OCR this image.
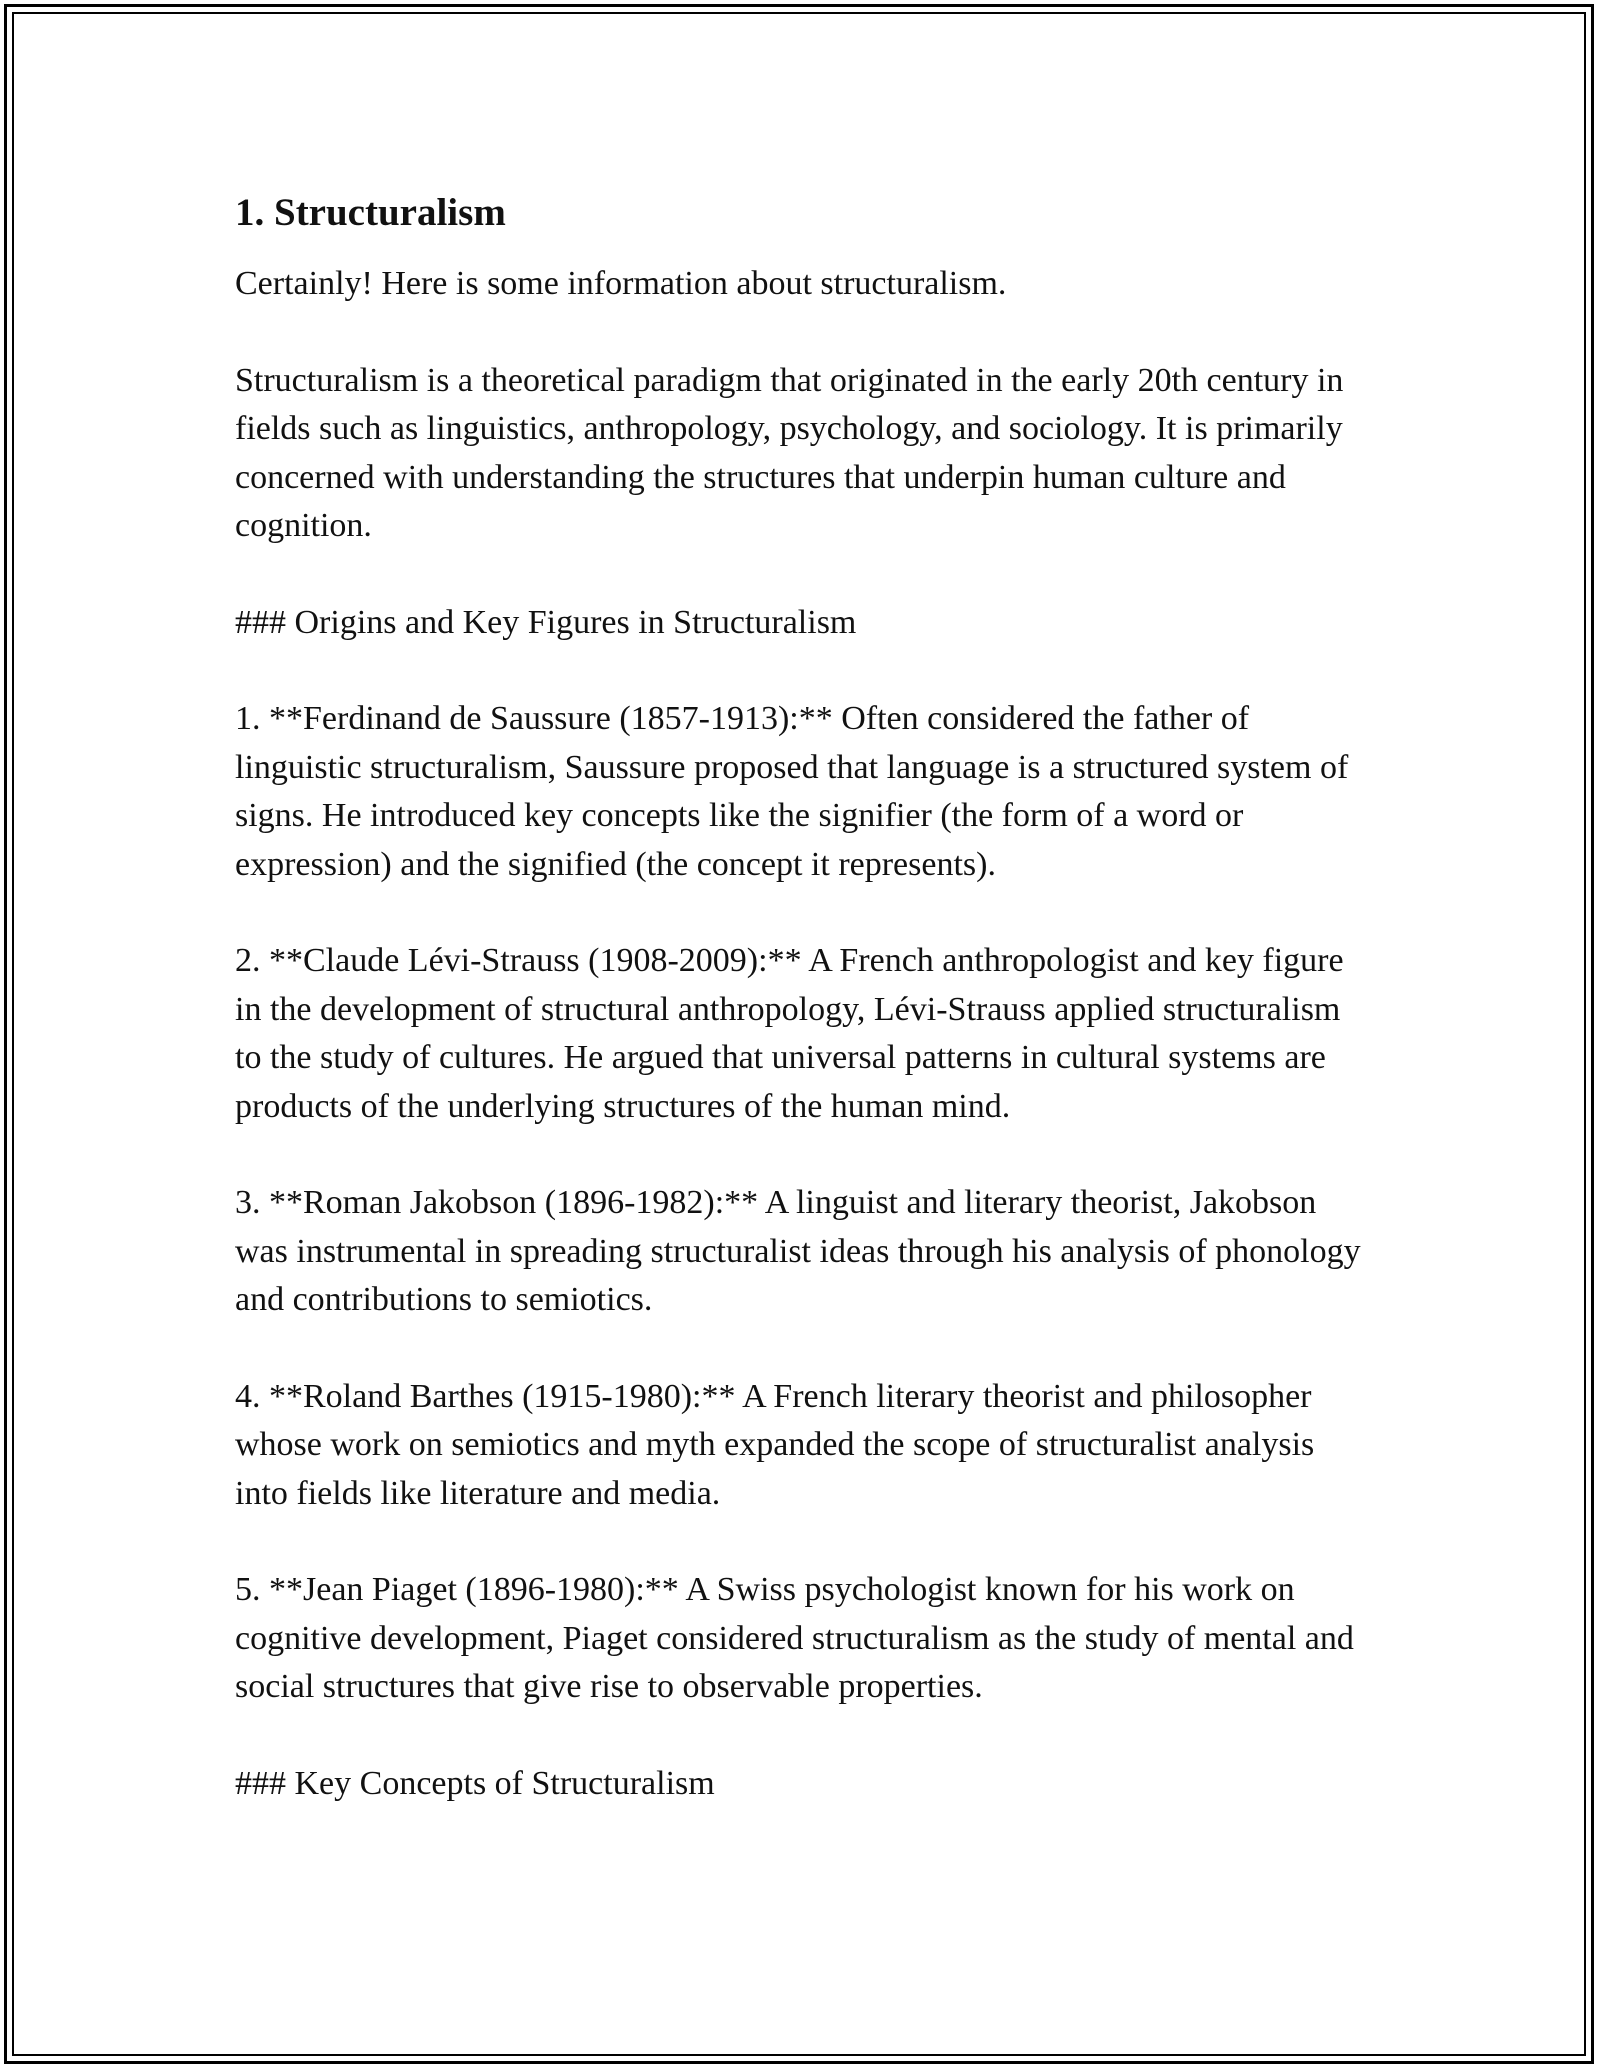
1. Structuralism

Certainly! Here is some information about structuralism.

Structuralism is a theoretical paradigm that originated in the early 20th century in fields such as linguistics, anthropology, psychology, and sociology. It is primarily concerned with understanding the structures that underpin human culture and cognition.

### Origins and Key Figures in Structuralism

1. **Ferdinand de Saussure (1857-1913):** Often considered the father of linguistic structuralism, Saussure proposed that language is a structured system of signs. He introduced key concepts like the signifier (the form of a word or expression) and the signified (the concept it represents).

2. **Claude Lévi-Strauss (1908-2009):** A French anthropologist and key figure in the development of structural anthropology, Lévi-Strauss applied structuralism to the study of cultures. He argued that universal patterns in cultural systems are products of the underlying structures of the human mind.

3. **Roman Jakobson (1896-1982):** A linguist and literary theorist, Jakobson was instrumental in spreading structuralist ideas through his analysis of phonology and contributions to semiotics.

4. **Roland Barthes (1915-1980):** A French literary theorist and philosopher whose work on semiotics and myth expanded the scope of structuralist analysis into fields like literature and media.

5. **Jean Piaget (1896-1980):** A Swiss psychologist known for his work on cognitive development, Piaget considered structuralism as the study of mental and social structures that give rise to observable properties.

### Key Concepts of Structuralism
